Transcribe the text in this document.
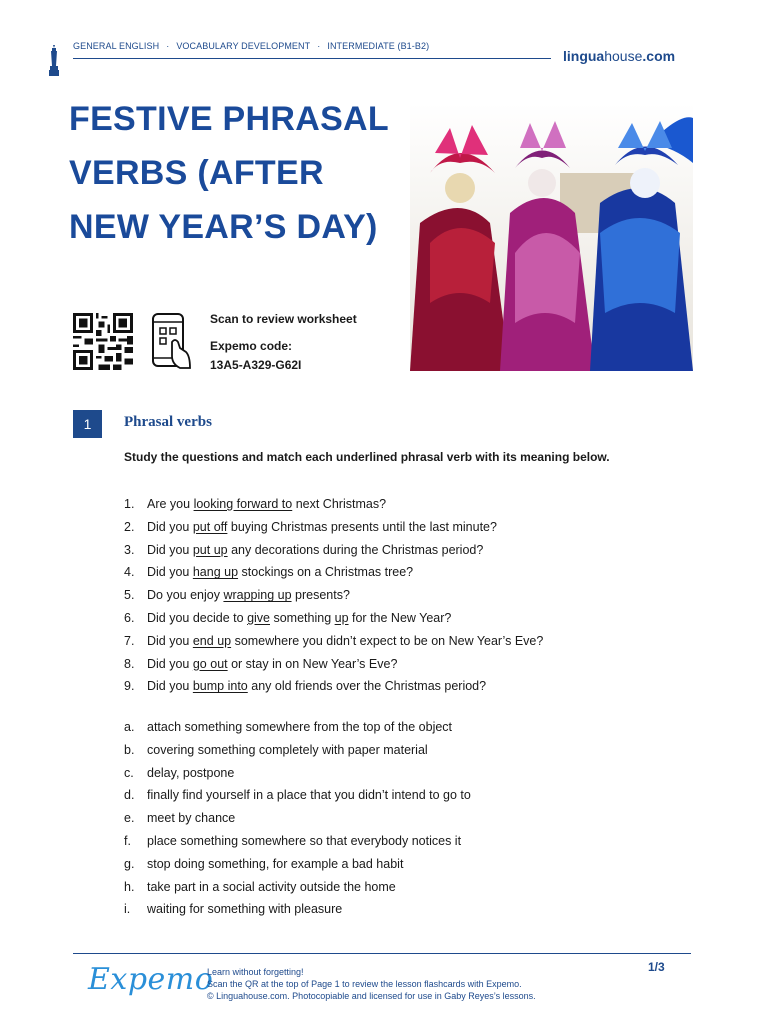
GENERAL ENGLISH · VOCABULARY DEVELOPMENT · INTERMEDIATE (B1-B2)
linguahouse.com
FESTIVE PHRASAL VERBS (AFTER NEW YEAR’S DAY)
Scan to review worksheet
Expemo code:
13A5-A329-G62I
1	Phrasal verbs
Study the questions and match each underlined phrasal verb with its meaning below.
1. Are you looking forward to next Christmas?
2. Did you put off buying Christmas presents until the last minute?
3. Did you put up any decorations during the Christmas period?
4. Did you hang up stockings on a Christmas tree?
5. Do you enjoy wrapping up presents?
6. Did you decide to give something up for the New Year?
7. Did you end up somewhere you didn’t expect to be on New Year’s Eve?
8. Did you go out or stay in on New Year’s Eve?
9. Did you bump into any old friends over the Christmas period?
a. attach something somewhere from the top of the object
b. covering something completely with paper material
c. delay, postpone
d. finally find yourself in a place that you didn’t intend to go to
e. meet by chance
f. place something somewhere so that everybody notices it
g. stop doing something, for example a bad habit
h. take part in a social activity outside the home
i. waiting for something with pleasure
Expemo
Learn without forgetting!
Scan the QR at the top of Page 1 to review the lesson flashcards with Expemo.
© Linguahouse.com. Photocopiable and licensed for use in Gaby Reyes’s lessons.
1/3
